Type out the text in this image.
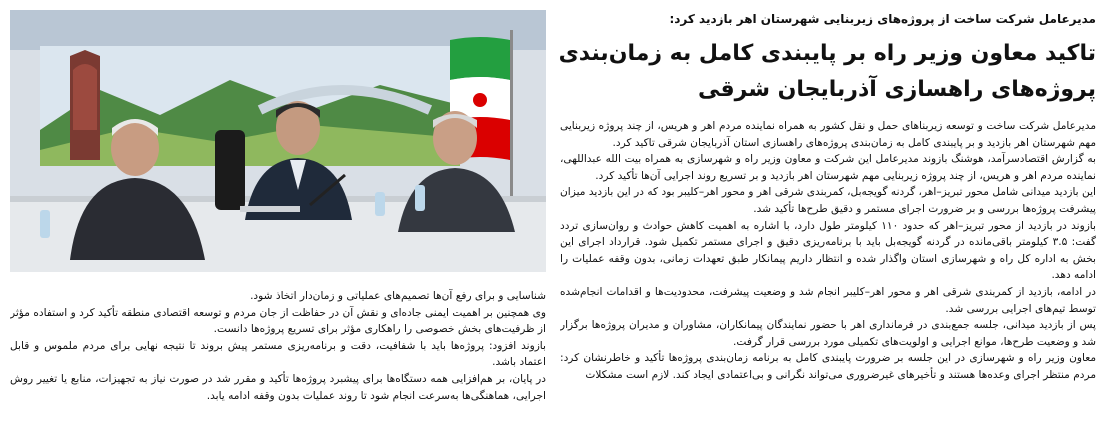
مدیرعامل شرکت ساخت از پروژه‌های زیربنایی شهرستان اهر بازدید کرد:
تاکید معاون وزیر راه بر پایبندی کامل به زمان‌بندی
پروژه‌های راهسازی آذربایجان شرقی

مدیرعامل شرکت ساخت و توسعه زیربناهای حمل و نقل کشور به همراه نماینده مردم اهر و هریس، از چند پروژه زیربنایی مهم شهرستان اهر بازدید و بر پایبندی کامل به زمان‌بندی پروژه‌های راهسازی استان آذربایجان شرقی تاکید کرد.

به گزارش اقتصادسرآمد، هوشنگ بازوند مدیرعامل این شرکت و معاون وزیر راه و شهرسازی به همراه بیت الله عبداللهی، نماینده مردم اهر و هریس، از چند پروژه زیربنایی مهم شهرستان اهر بازدید و بر تسریع روند اجرایی آن‌ها تأکید کرد.

این بازدید میدانی شامل محور تبریز–اهر، گردنه گویجه‌بل، کمربندی شرقی اهر و محور اهر–کلیبر بود که در این بازدید میزان پیشرفت پروژه‌ها بررسی و بر ضرورت اجرای مستمر و دقیق طرح‌ها تأکید شد.

بازوند در بازدید از محور تبریز–اهر که حدود ۱۱۰ کیلومتر طول دارد، با اشاره به اهمیت کاهش حوادث و روان‌سازی تردد گفت: ۳.۵ کیلومتر باقی‌مانده در گردنه گویجه‌بل باید با برنامه‌ریزی دقیق و اجرای مستمر تکمیل شود. قرارداد اجرای این بخش به اداره کل راه و شهرسازی استان واگذار شده و انتظار داریم پیمانکار طبق تعهدات زمانی، بدون وقفه عملیات را ادامه دهد.

در ادامه، بازدید از کمربندی شرقی اهر و محور اهر–کلیبر انجام شد و وضعیت پیشرفت، محدودیت‌ها و اقدامات انجام‌شده توسط تیم‌های اجرایی بررسی شد.

پس از بازدید میدانی، جلسه جمع‌بندی در فرمانداری اهر با حضور نمایندگان پیمانکاران، مشاوران و مدیران پروژه‌ها برگزار شد و وضعیت طرح‌ها، موانع اجرایی و اولویت‌های تکمیلی مورد بررسی قرار گرفت.

معاون وزیر راه و شهرسازی در این جلسه بر ضرورت پایبندی کامل به برنامه زمان‌بندی پروژه‌ها تأکید و خاطرنشان کرد: مردم منتظر اجرای وعده‌ها هستند و تأخیرهای غیرضروری می‌تواند نگرانی و بی‌اعتمادی ایجاد کند. لازم است مشکلات

شناسایی و برای رفع آن‌ها تصمیم‌های عملیاتی و زمان‌دار اتخاذ شود.

وی همچنین بر اهمیت ایمنی جاده‌ای و نقش آن در حفاظت از جان مردم و توسعه اقتصادی منطقه تأکید کرد و استفاده مؤثر از ظرفیت‌های بخش خصوصی را راهکاری مؤثر برای تسریع پروژه‌ها دانست.

بازوند افزود: پروژه‌ها باید با شفافیت، دقت و برنامه‌ریزی مستمر پیش بروند تا نتیجه نهایی برای مردم ملموس و قابل اعتماد باشد.

در پایان، بر هم‌افزایی همه دستگاه‌ها برای پیشبرد پروژه‌ها تأکید و مقرر شد در صورت نیاز به تجهیزات، منابع یا تغییر روش اجرایی، هماهنگی‌ها به‌سرعت انجام شود تا روند عملیات بدون وقفه ادامه یابد.
